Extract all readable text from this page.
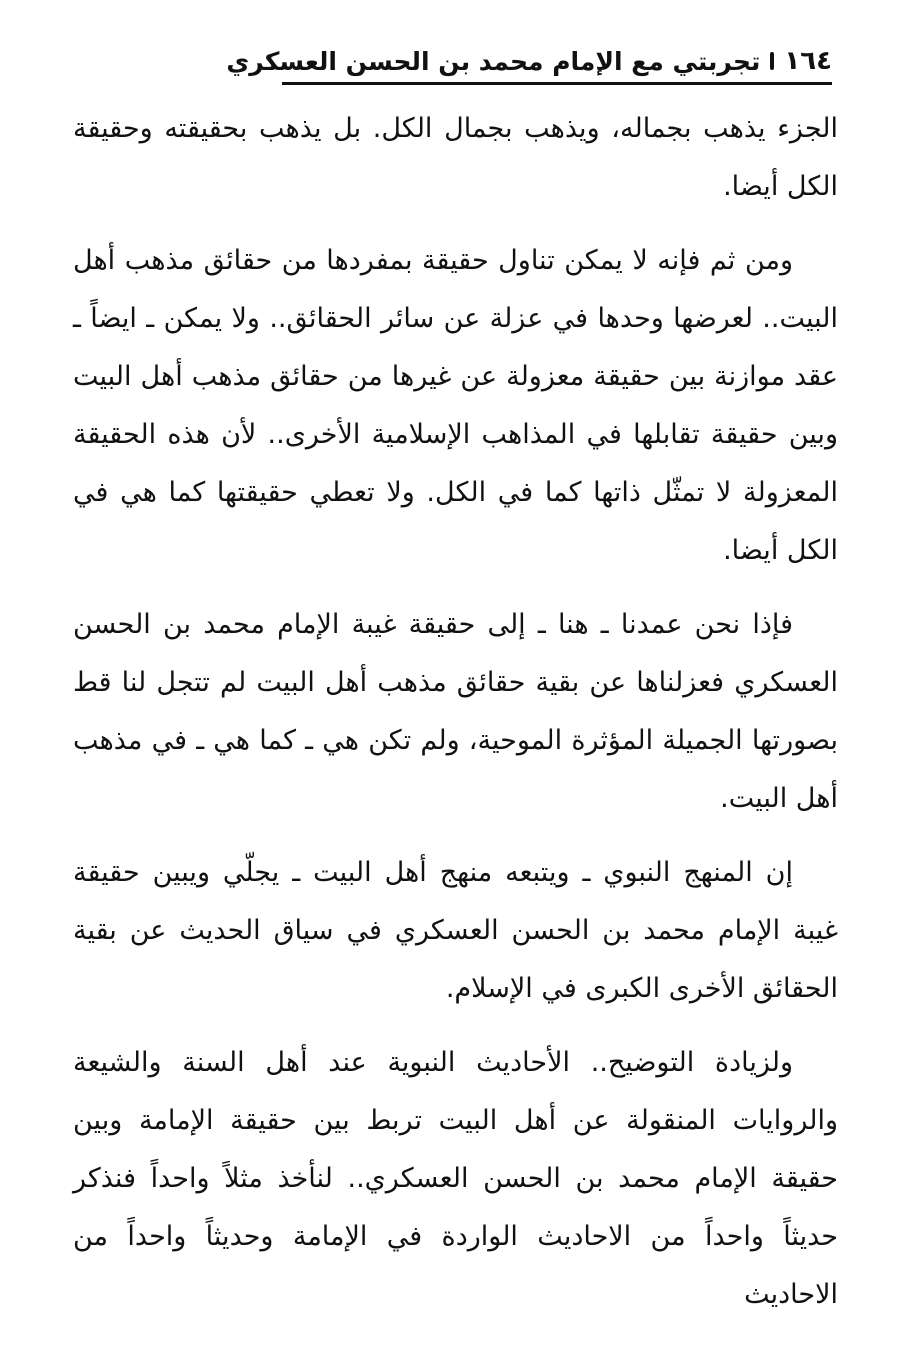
١٦٤
تجربتي مع الإمام محمد بن الحسن العسكري

الجزء يذهب بجماله، ويذهب بجمال الكل. بل يذهب بحقيقته وحقيقة الكل أيضا.

ومن ثم فإنه لا يمكن تناول حقيقة بمفردها من حقائق مذهب أهل البيت.. لعرضها وحدها في عزلة عن سائر الحقائق.. ولا يمكن ـ ايضاً ـ عقد موازنة بين حقيقة معزولة عن غيرها من حقائق مذهب أهل البيت وبين حقيقة تقابلها في المذاهب الإسلامية الأخرى.. لأن هذه الحقيقة المعزولة لا تمثّل ذاتها كما في الكل. ولا تعطي حقيقتها كما هي في الكل أيضا.

فإذا نحن عمدنا ـ هنا ـ إلى حقيقة غيبة الإمام محمد بن الحسن العسكري فعزلناها عن بقية حقائق مذهب أهل البيت لم تتجل لنا قط بصورتها الجميلة المؤثرة الموحية، ولم تكن هي ـ كما هي ـ في مذهب أهل البيت.

إن المنهج النبوي ـ ويتبعه منهج أهل البيت ـ يجلّي ويبين حقيقة غيبة الإمام محمد بن الحسن العسكري في سياق الحديث عن بقية الحقائق الأخرى الكبرى في الإسلام.

ولزيادة التوضيح.. الأحاديث النبوية عند أهل السنة والشيعة والروايات المنقولة عن أهل البيت تربط بين حقيقة الإمامة وبين حقيقة الإمام محمد بن الحسن العسكري.. لنأخذ مثلاً واحداً فنذكر حديثاً واحداً من الاحاديث الواردة في الإمامة وحديثاً واحداً من الاحاديث
